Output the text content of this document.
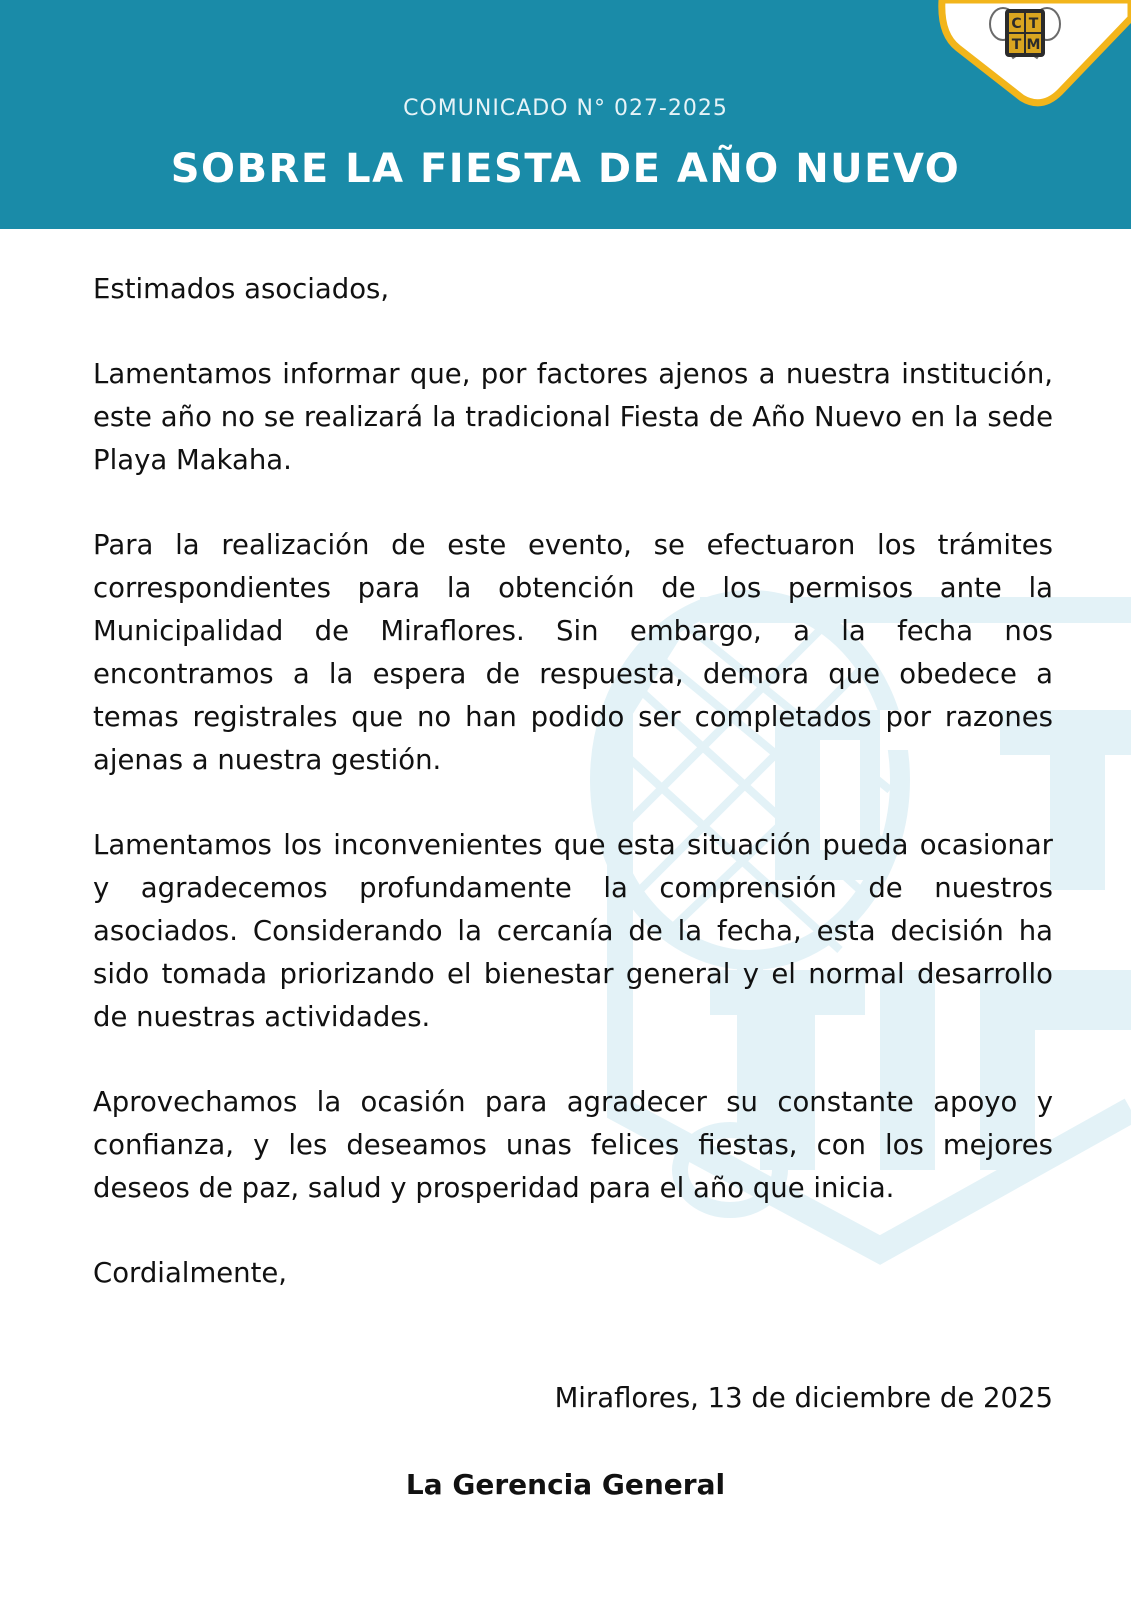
C T
T M
COMUNICADO N° 027-2025
SOBRE LA FIESTA DE AÑO NUEVO

Estimados asociados,

Lamentamos informar que, por factores ajenos a nuestra institución, este año no se realizará la tradicional Fiesta de Año Nuevo en la sede Playa Makaha.

Para la realización de este evento, se efectuaron los trámites correspondientes para la obtención de los permisos ante la Municipalidad de Miraflores. Sin embargo, a la fecha nos encontramos a la espera de respuesta, demora que obedece a temas registrales que no han podido ser completados por razones ajenas a nuestra gestión.

Lamentamos los inconvenientes que esta situación pueda ocasionar y agradecemos profundamente la comprensión de nuestros asociados. Considerando la cercanía de la fecha, esta decisión ha sido tomada priorizando el bienestar general y el normal desarrollo de nuestras actividades.

Aprovechamos la ocasión para agradecer su constante apoyo y confianza, y les deseamos unas felices fiestas, con los mejores deseos de paz, salud y prosperidad para el año que inicia.

Cordialmente,

Miraflores, 13 de diciembre de 2025
La Gerencia General
